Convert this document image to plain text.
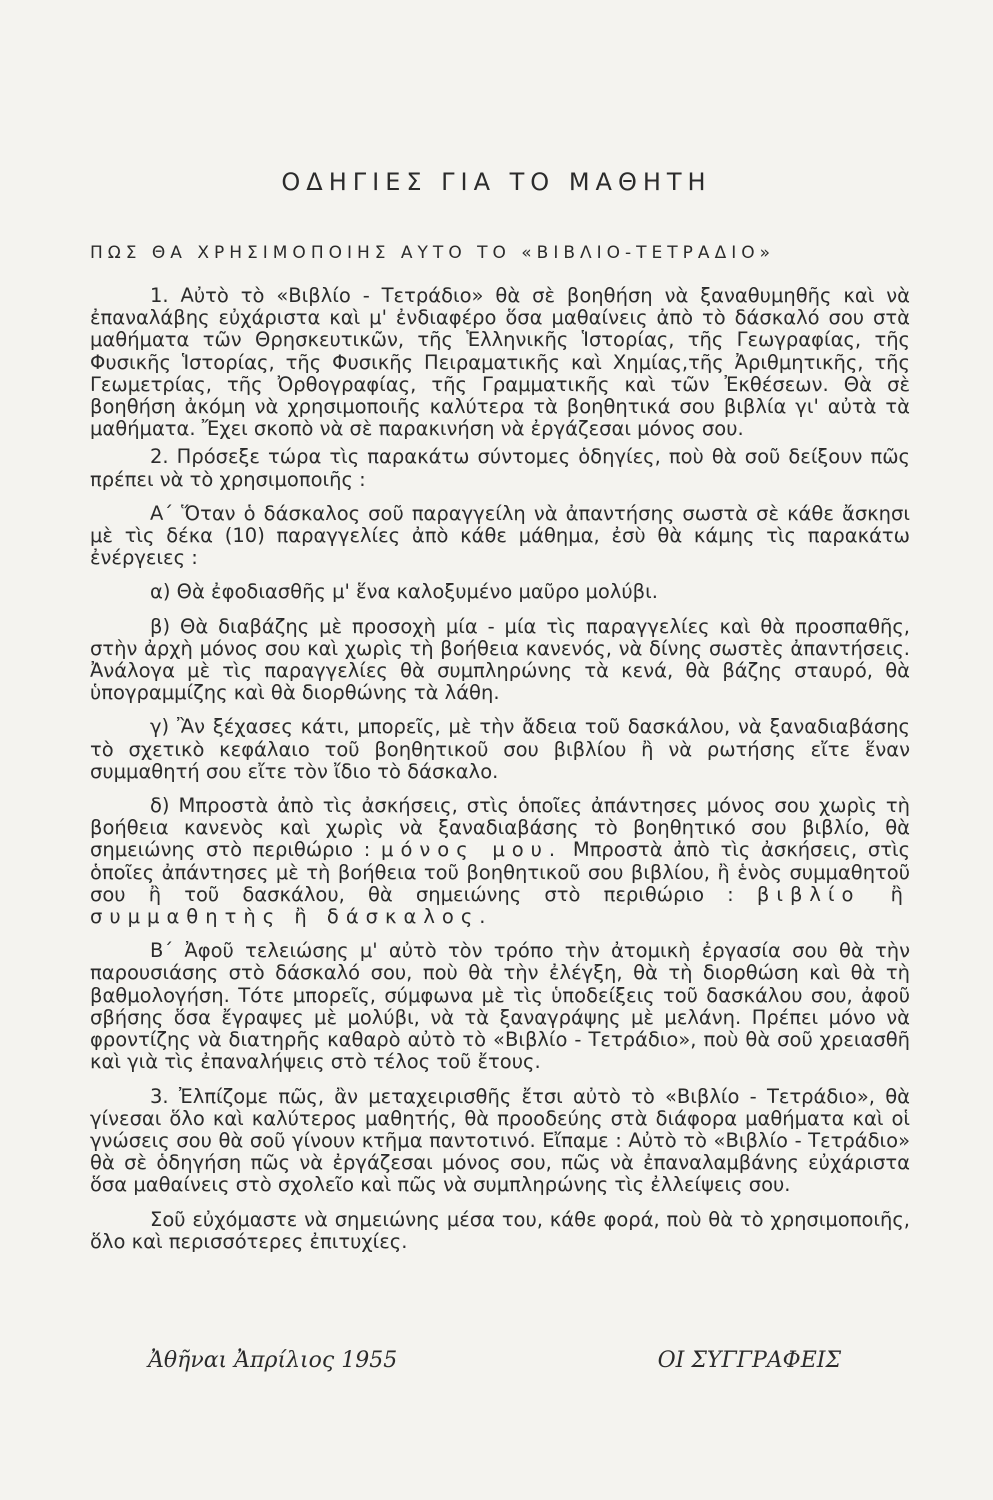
ΟΔΗΓΙΕΣ ΓΙΑ ΤΟ ΜΑΘΗΤΗ
ΠΩΣ ΘΑ ΧΡΗΣΙΜΟΠΟΙΗΣ ΑΥΤΟ ΤΟ «ΒΙΒΛΙΟ-ΤΕΤΡΑΔΙΟ»

1. Αὐτὸ τὸ «Βιβλίο - Τετράδιο» θὰ σὲ βοηθήση νὰ ξαναθυμηθῆς καὶ νὰ ἐπαναλάβης εὐχάριστα καὶ μ' ἐνδιαφέρο ὅσα μαθαίνεις ἀπὸ τὸ δάσκαλό σου στὰ μαθήματα τῶν Θρησκευτικῶν, τῆς Ἑλληνικῆς Ἱστορίας, τῆς Γεωγραφίας, τῆς Φυσικῆς Ἱστορίας, τῆς Φυσικῆς Πειραματικῆς καὶ Χημίας,τῆς Ἀριθμητικῆς, τῆς Γεωμετρίας, τῆς Ὀρθογραφίας, τῆς Γραμματικῆς καὶ τῶν Ἐκθέσεων. Θὰ σὲ βοηθήση ἀκόμη νὰ χρησιμοποιῆς καλύτερα τὰ βοηθητικά σου βιβλία γι' αὐτὰ τὰ μαθήματα. Ἔχει σκοπὸ νὰ σὲ παρακινήση νὰ ἐργάζεσαι μόνος σου.

2. Πρόσεξε τώρα τὶς παρακάτω σύντομες ὁδηγίες, ποὺ θὰ σοῦ δείξουν πῶς πρέπει νὰ τὸ χρησιμοποιῆς :

Α΄ Ὅταν ὁ δάσκαλος σοῦ παραγγείλη νὰ ἀπαντήσης σωστὰ σὲ κάθε ἄσκησι μὲ τὶς δέκα (10) παραγγελίες ἀπὸ κάθε μάθημα, ἐσὺ θὰ κάμης τὶς παρακάτω ἐνέργειες :

α) Θὰ ἐφοδιασθῆς μ' ἕνα καλοξυμένο μαῦρο μολύβι.

β) Θὰ διαβάζης μὲ προσοχὴ μία - μία τὶς παραγγελίες καὶ θὰ προσπαθῆς, στὴν ἀρχὴ μόνος σου καὶ χωρὶς τὴ βοήθεια κανενός, νὰ δίνης σωστὲς ἀπαντήσεις. Ἀνάλογα μὲ τὶς παραγγελίες θὰ συμπληρώνης τὰ κενά, θὰ βάζης σταυρό, θὰ ὑπογραμμίζης καὶ θὰ διορθώνης τὰ λάθη.

γ) Ἂν ξέχασες κάτι, μπορεῖς, μὲ τὴν ἄδεια τοῦ δασκάλου, νὰ ξαναδιαβάσης τὸ σχετικὸ κεφάλαιο τοῦ βοηθητικοῦ σου βιβλίου ἢ νὰ ρωτήσης εἴτε ἕναν συμμαθητή σου εἴτε τὸν ἴδιο τὸ δάσκαλο.

δ) Μπροστὰ ἀπὸ τὶς ἀσκήσεις, στὶς ὁποῖες ἀπάντησες μόνος σου χωρὶς τὴ βοήθεια κανενὸς καὶ χωρὶς νὰ ξαναδιαβάσης τὸ βοηθητικό σου βιβλίο, θὰ σημειώνης στὸ περιθώριο : μόνος μου. Μπροστὰ ἀπὸ τὶς ἀσκήσεις, στὶς ὁποῖες ἀπάντησες μὲ τὴ βοήθεια τοῦ βοηθητικοῦ σου βιβλίου, ἢ ἑνὸς συμμαθητοῦ σου ἢ τοῦ δασκάλου, θὰ σημειώνης στὸ περιθώριο : βιβλίο ἢ συμμαθητὴς ἢ δάσκαλος.

Β΄ Ἀφοῦ τελειώσης μ' αὐτὸ τὸν τρόπο τὴν ἀτομικὴ ἐργασία σου θὰ τὴν παρουσιάσης στὸ δάσκαλό σου, ποὺ θὰ τὴν ἐλέγξη, θὰ τὴ διορθώση καὶ θὰ τὴ βαθμολογήση. Τότε μπορεῖς, σύμφωνα μὲ τὶς ὑποδείξεις τοῦ δασκάλου σου, ἀφοῦ σβήσης ὅσα ἔγραψες μὲ μολύβι, νὰ τὰ ξαναγράψης μὲ μελάνη. Πρέπει μόνο νὰ φροντίζης νὰ διατηρῆς καθαρὸ αὐτὸ τὸ «Βιβλίο - Τετράδιο», ποὺ θὰ σοῦ χρειασθῆ καὶ γιὰ τὶς ἐπαναλήψεις στὸ τέλος τοῦ ἔτους.

3. Ἐλπίζομε πῶς, ἂν μεταχειρισθῆς ἔτσι αὐτὸ τὸ «Βιβλίο - Τετράδιο», θὰ γίνεσαι ὅλο καὶ καλύτερος μαθητής, θὰ προοδεύης στὰ διάφορα μαθήματα καὶ οἱ γνώσεις σου θὰ σοῦ γίνουν κτῆμα παντοτινό. Εἴπαμε : Αὐτὸ τὸ «Βιβλίο - Τετράδιο» θὰ σὲ ὁδηγήση πῶς νὰ ἐργάζεσαι μόνος σου, πῶς νὰ ἐπαναλαμβάνης εὐχάριστα ὅσα μαθαίνεις στὸ σχολεῖο καὶ πῶς νὰ συμπληρώνης τὶς ἐλλείψεις σου.

Σοῦ εὐχόμαστε νὰ σημειώνης μέσα του, κάθε φορά, ποὺ θὰ τὸ χρησιμοποιῆς, ὅλο καὶ περισσότερες ἐπιτυχίες.

Ἀθῆναι Ἀπρίλιος 1955	ΟΙ ΣΥΓΓΡΑΦΕΙΣ
